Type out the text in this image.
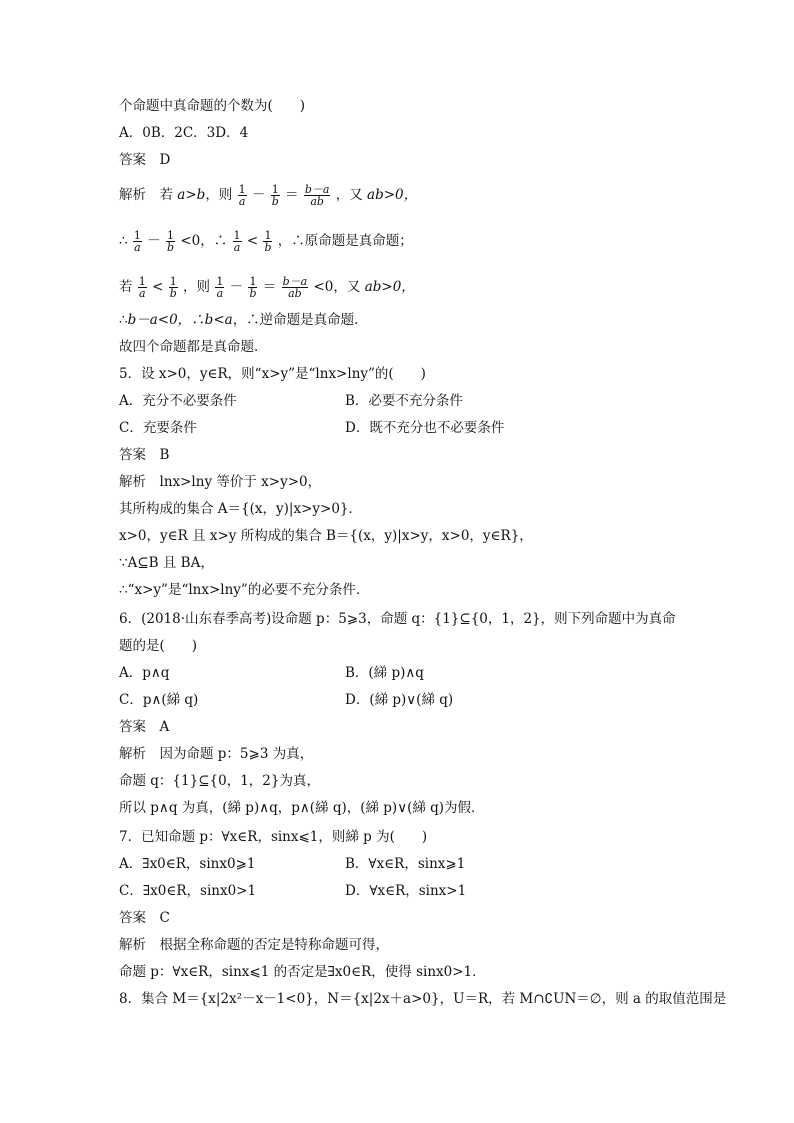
个命题中真命题的个数为(　　)
A．0B．2C．3D．4
答案　D
解析　若 a>b，则 $\frac{1}{a} - \frac{1}{b} = \frac{b-a}{ab}$ ，又 ab>0，
∴ $\frac{1}{a} - \frac{1}{b} <0$，∴ $\frac{1}{a} < \frac{1}{b}$ ，∴原命题是真命题；
若 $\frac{1}{a} < \frac{1}{b}$ ，则 $\frac{1}{a} - \frac{1}{b} = \frac{b-a}{ab} <0$，又 ab>0，
∴b－a<0，∴b<a，∴逆命题是真命题．
故四个命题都是真命题．
5．设 x>0，y∈R，则“x>y”是“lnx>lny”的(　　)
A．充分不必要条件	B．必要不充分条件
C．充要条件	D．既不充分也不必要条件
答案　B
解析　lnx>lny 等价于 x>y>0，
其所构成的集合 A＝{(x，y)|x>y>0}．
x>0，y∈R 且 x>y 所构成的集合 B＝{(x，y)|x>y，x>0，y∈R}，
∵A⊆B 且 BA，
∴“x>y”是“lnx>lny”的必要不充分条件．
6．(2018·山东春季高考)设命题 p：5⩾3，命题 q：{1}⊆{0，1，2}，则下列命题中为真命
题的是(　　)
A．p∧q	B．(綈 p)∧q
C．p∧(綈 q)	D．(綈 p)∨(綈 q)
答案　A
解析　因为命题 p：5⩾3 为真，
命题 q：{1}⊆{0，1，2}为真，
所以 p∧q 为真，(綈 p)∧q，p∧(綈 q)，(綈 p)∨(綈 q)为假．
7．已知命题 p：∀x∈R，sinx⩽1，则綈 p 为(　　)
A．∃x0∈R，sinx0⩾1	B．∀x∈R，sinx⩾1
C．∃x0∈R，sinx0>1	D．∀x∈R，sinx>1
答案　C
解析　根据全称命题的否定是特称命题可得，
命题 p：∀x∈R，sinx⩽1 的否定是∃x0∈R，使得 sinx0>1．
8．集合 M＝{x|2x²－x－1<0}，N＝{x|2x＋a>0}，U＝R，若 M∩∁UN＝∅，则 a 的取值范围是
